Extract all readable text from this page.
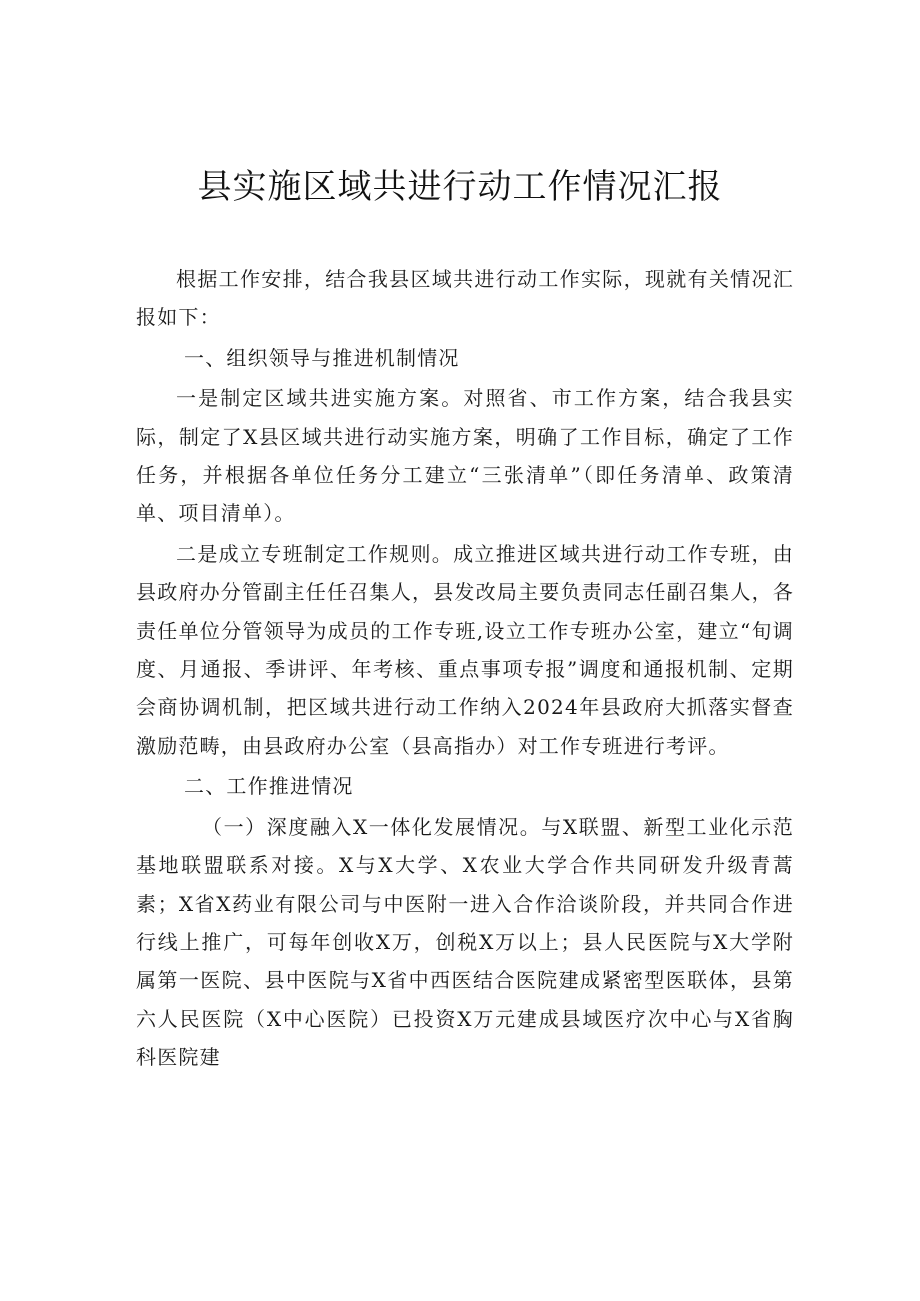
县实施区域共进行动工作情况汇报

根据工作安排，结合我县区域共进行动工作实际，现就有关情况汇报如下：

一、组织领导与推进机制情况

一是制定区域共进实施方案。对照省、市工作方案，结合我县实际，制定了X县区域共进行动实施方案，明确了工作目标，确定了工作任务，并根据各单位任务分工建立“三张清单”（即任务清单、政策清单、项目清单）。

二是成立专班制定工作规则。成立推进区域共进行动工作专班，由县政府办分管副主任任召集人，县发改局主要负责同志任副召集人，各责任单位分管领导为成员的工作专班,设立工作专班办公室，建立“旬调度、月通报、季讲评、年考核、重点事项专报”调度和通报机制、定期会商协调机制，把区域共进行动工作纳入2024年县政府大抓落实督查激励范畴，由县政府办公室（县高指办）对工作专班进行考评。

二、工作推进情况

（一）深度融入X一体化发展情况。与X联盟、新型工业化示范基地联盟联系对接。X与X大学、X农业大学合作共同研发升级青蒿素；X省X药业有限公司与中医附一进入合作洽谈阶段，并共同合作进行线上推广，可每年创收X万，创税X万以上；县人民医院与X大学附属第一医院、县中医院与X省中西医结合医院建成紧密型医联体，县第六人民医院（X中心医院）已投资X万元建成县域医疗次中心与X省胸科医院建
